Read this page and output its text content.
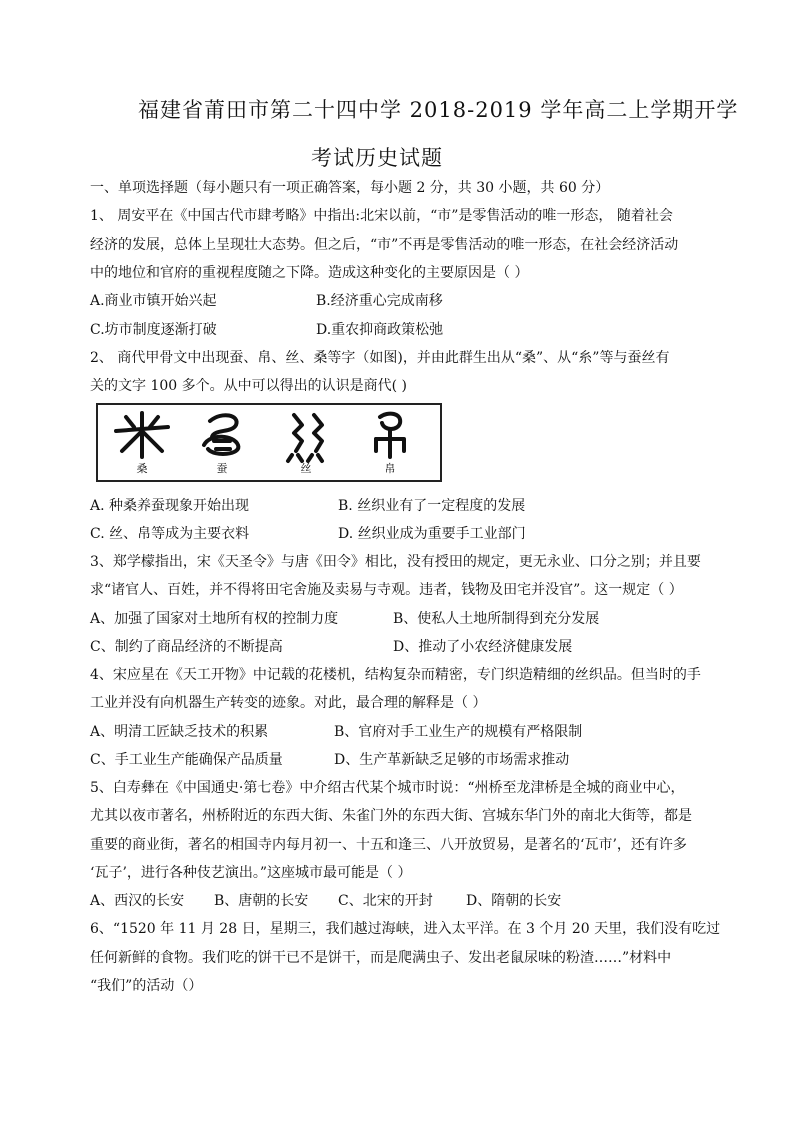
福建省莆田市第二十四中学 2018-2019 学年高二上学期开学
考试历史试题
一、单项选择题（每小题只有一项正确答案，每小题 2 分，共 30 小题，共 60 分）
1、 周安平在《中国古代市肆考略》中指出:北宋以前，“市”是零售活动的唯一形态， 随着社会
经济的发展，总体上呈现壮大态势。但之后，“市”不再是零售活动的唯一形态，在社会经济活动
中的地位和官府的重视程度随之下降。造成这种变化的主要原因是（ ）
A.商业市镇开始兴起	B.经济重心完成南移
C.坊市制度逐渐打破	D.重农抑商政策松弛
2、 商代甲骨文中出现蚕、帛、丝、桑等字（如图)，并由此群生出从“桑”、从“糸”等与蚕丝有
关的文字 100 多个。从中可以得出的认识是商代( )
桑	蚕	丝	帛
A. 种桑养蚕现象开始出现	B. 丝织业有了一定程度的发展
C. 丝、帛等成为主要衣料	D. 丝织业成为重要手工业部门
3、郑学檬指出，宋《天圣令》与唐《田令》相比，没有授田的规定，更无永业、口分之别；并且要
求“诸官人、百姓，并不得将田宅舍施及卖易与寺观。违者，钱物及田宅并没官”。这一规定（ ）
A、加强了国家对土地所有权的控制力度	B、使私人土地所制得到充分发展
C、制约了商品经济的不断提高	D、推动了小农经济健康发展
4、宋应星在《天工开物》中记载的花楼机，结构复杂而精密，专门织造精细的丝织品。但当时的手
工业并没有向机器生产转变的迹象。对此，最合理的解释是（ ）
A、明清工匠缺乏技术的积累	B、官府对手工业生产的规模有严格限制
C、手工业生产能确保产品质量	D、生产革新缺乏足够的市场需求推动
5、白寿彝在《中国通史·第七卷》中介绍古代某个城市时说：“州桥至龙津桥是全城的商业中心，
尤其以夜市著名，州桥附近的东西大街、朱雀门外的东西大街、宫城东华门外的南北大街等，都是
重要的商业街，著名的相国寺内每月初一、十五和逢三、八开放贸易，是著名的‘瓦市’，还有许多
‘瓦子’，进行各种伎艺演出。”这座城市最可能是（ ）
A、西汉的长安 B、唐朝的长安 C、北宋的开封 D、隋朝的长安
6、“1520 年 11 月 28 日，星期三，我们越过海峡，进入太平洋。在 3 个月 20 天里，我们没有吃过
任何新鲜的食物。我们吃的饼干已不是饼干，而是爬满虫子、发出老鼠尿味的粉渣……”材料中
“我们”的活动（）
